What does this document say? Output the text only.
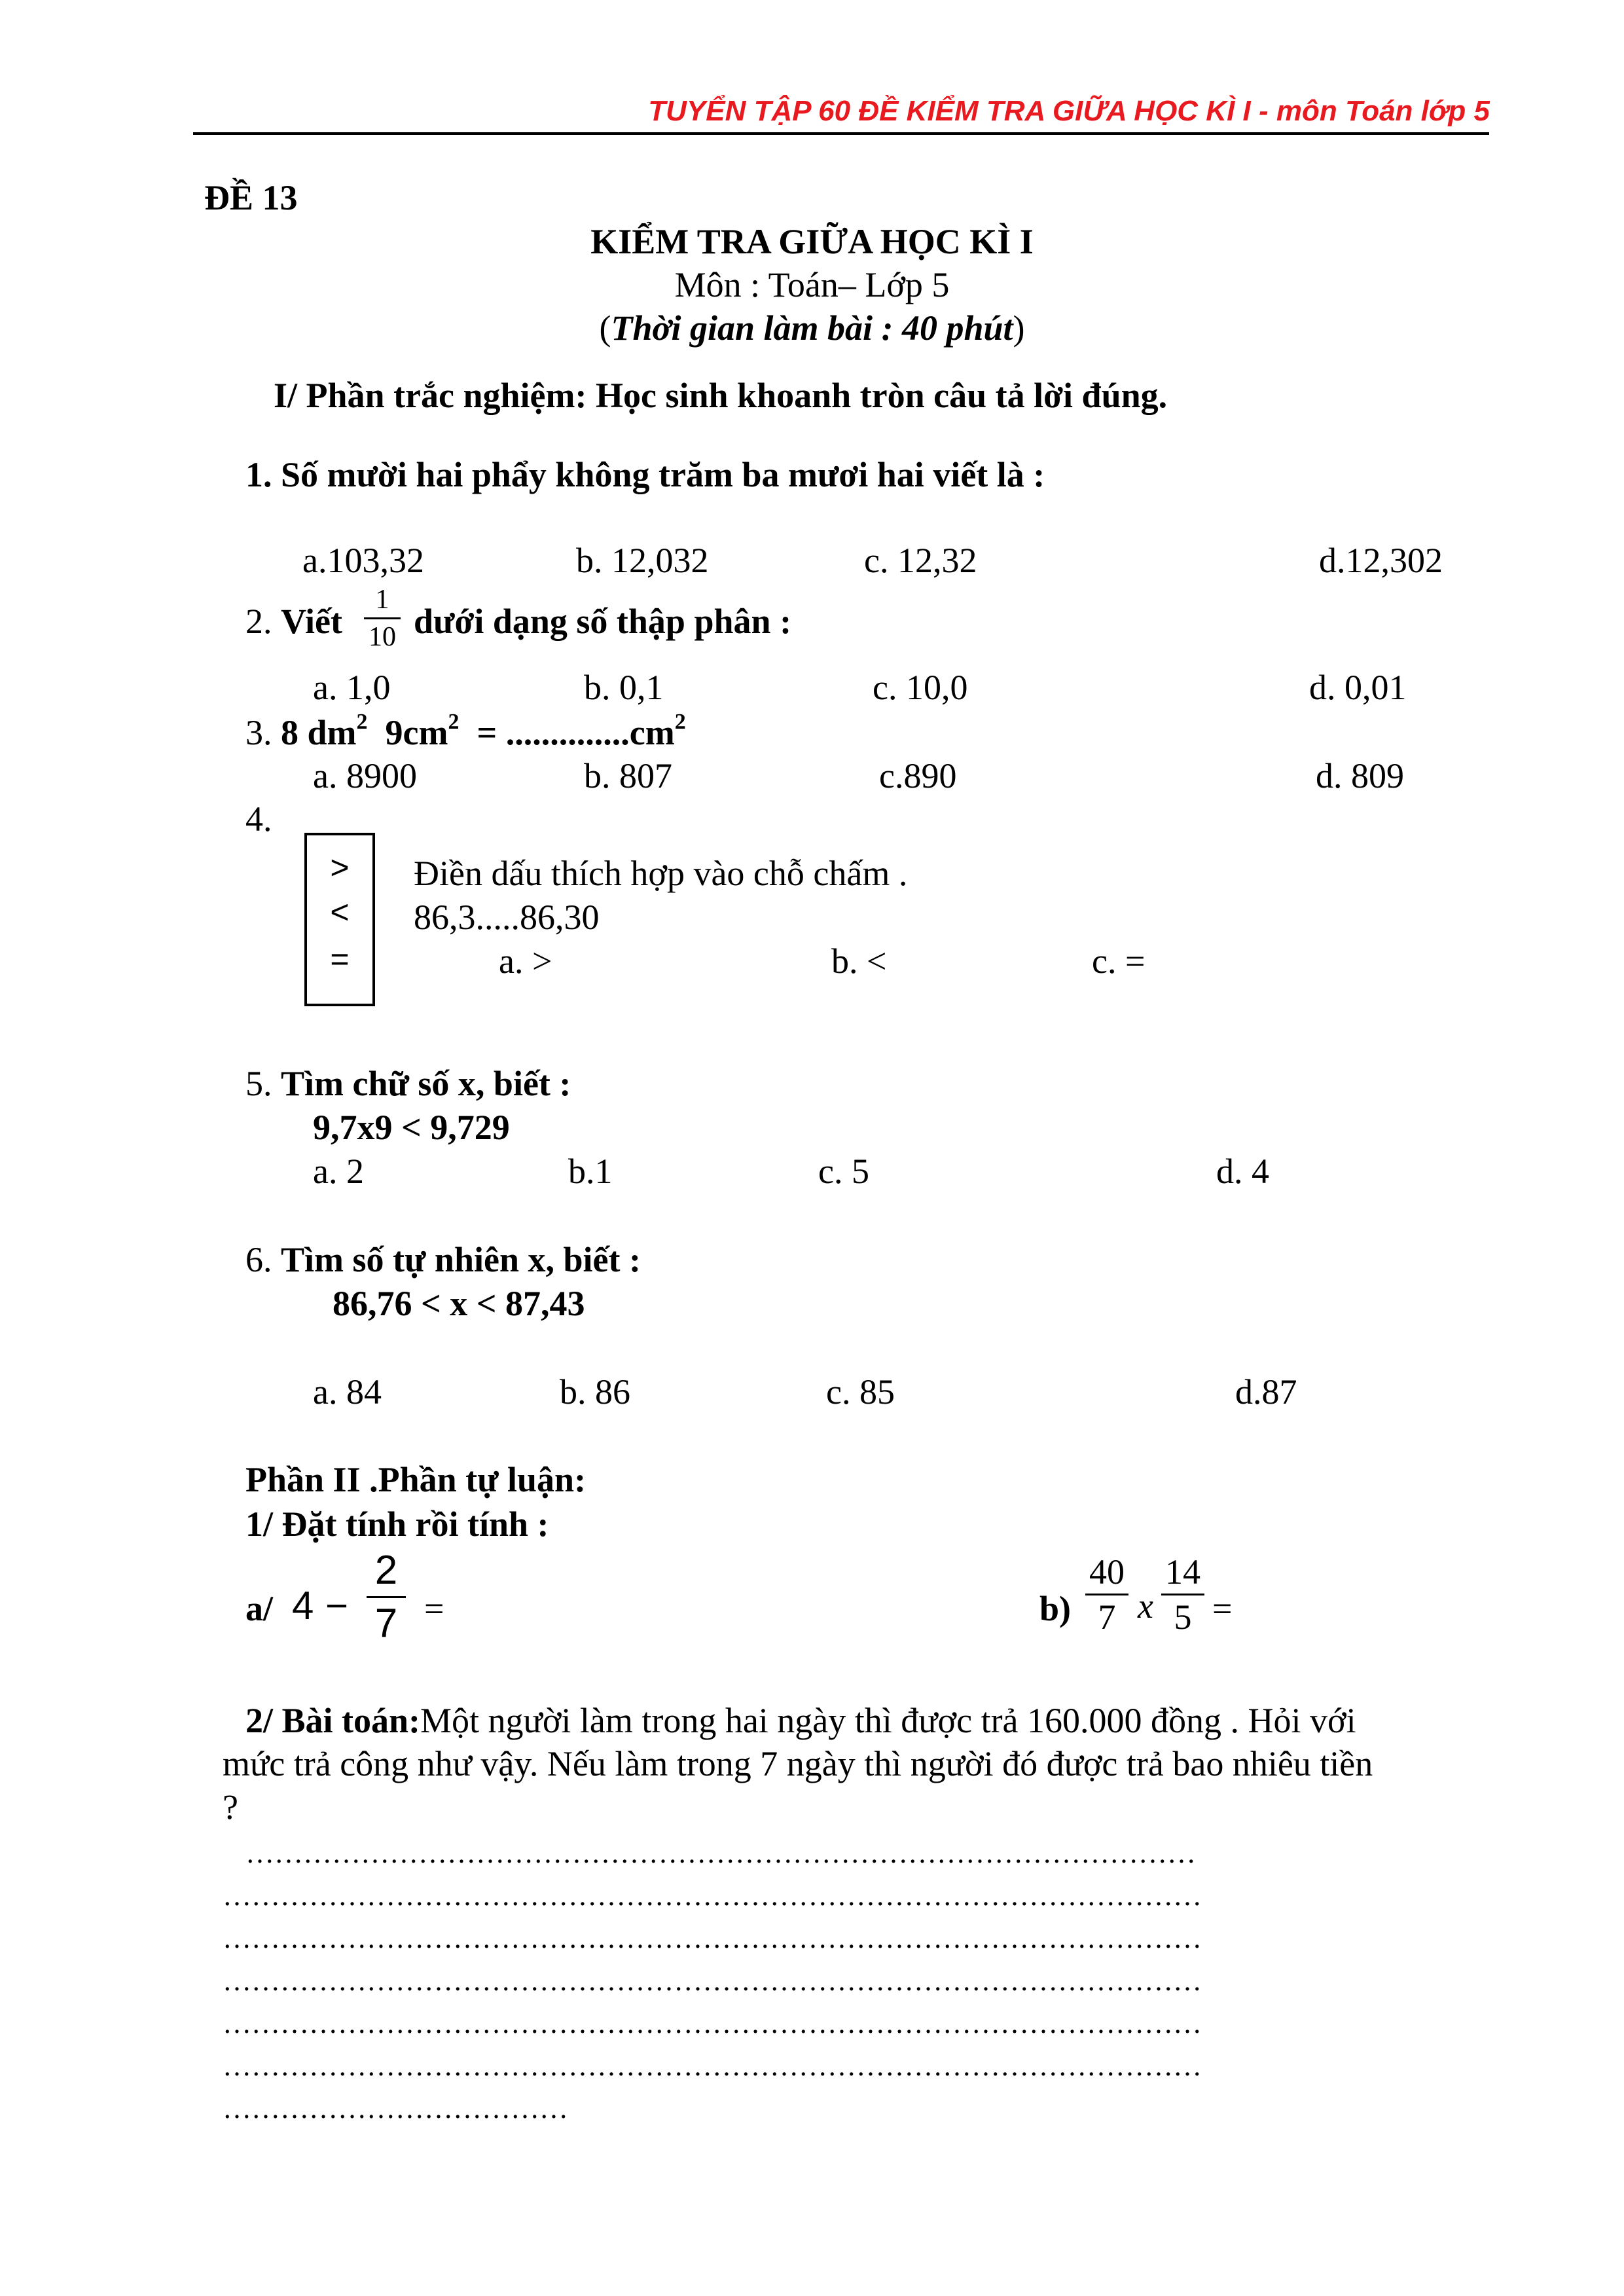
TUYỂN TẬP 60 ĐỀ KIỂM TRA GIỮA HỌC KÌ I - môn Toán lớp 5
ĐỀ 13
KIỂM TRA GIỮA HỌC KÌ I
Môn : Toán– Lớp 5
(Thời gian làm bài : 40 phút)
I/ Phần trắc nghiệm: Học sinh khoanh tròn câu tả lời đúng.
1. Số mười hai phẩy không trăm ba mươi hai viết là :
a.103,32	b. 12,032	c. 12,32	d.12,302
2. Viết
1
10 dưới dạng số thập phân :
a. 1,0	b. 0,1	c. 10,0	d. 0,01
3. 8 $dm^2$  $9cm^2 = ..............cm^2$
a. 8900	b. 807	c.890	d. 809
4.
>
<
=
Điền dấu thích hợp vào chỗ chấm .
86,3.....86,30
a. >	b. <	c. =
5. Tìm chữ số x, biết :
9,7x9 < 9,729
a. 2	b.1	c. 5	d. 4
6. Tìm số tự nhiên x, biết :
86,76 < x < 87,43
a. 84	b. 86	c. 85	d.87
Phần II .Phần tự luận:
1/ Đặt tính rồi tính :
a/ 4 −
2
7 =	b)
40
7 x
14
5 =
2/ Bài toán:Một người làm trong hai ngày thì được trả 160.000 đồng . Hỏi với
mức trả công như vậy. Nếu làm trong 7 ngày thì người đó được trả bao nhiêu tiền
?
………………………………………………………………………………………
…………………………………………………………………………………………
…………………………………………………………………………………………
…………………………………………………………………………………………
…………………………………………………………………………………………
…………………………………………………………………………………………
………………………………
